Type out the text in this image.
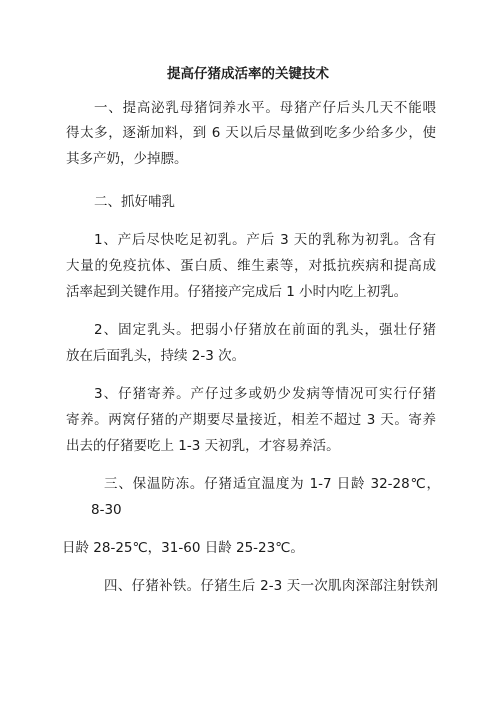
提高仔猪成活率的关键技术
一、提高泌乳母猪饲养水平。母猪产仔后头几天不能喂
得太多，逐渐加料，到 6 天以后尽量做到吃多少给多少，使
其多产奶，少掉膘。
二、抓好哺乳
1、产后尽快吃足初乳。产后 3 天的乳称为初乳。含有
大量的免疫抗体、蛋白质、维生素等，对抵抗疾病和提高成
活率起到关键作用。仔猪接产完成后 1 小时内吃上初乳。
2、固定乳头。把弱小仔猪放在前面的乳头，强壮仔猪
放在后面乳头，持续 2-3 次。
3、仔猪寄养。产仔过多或奶少发病等情况可实行仔猪
寄养。两窝仔猪的产期要尽量接近，相差不超过 3 天。寄养
出去的仔猪要吃上 1-3 天初乳，才容易养活。
三、保温防冻。仔猪适宜温度为 1-7 日龄 32-28℃，
8-30
日龄 28-25℃，31-60 日龄 25-23℃。
四、仔猪补铁。仔猪生后 2-3 天一次肌肉深部注射铁剂
